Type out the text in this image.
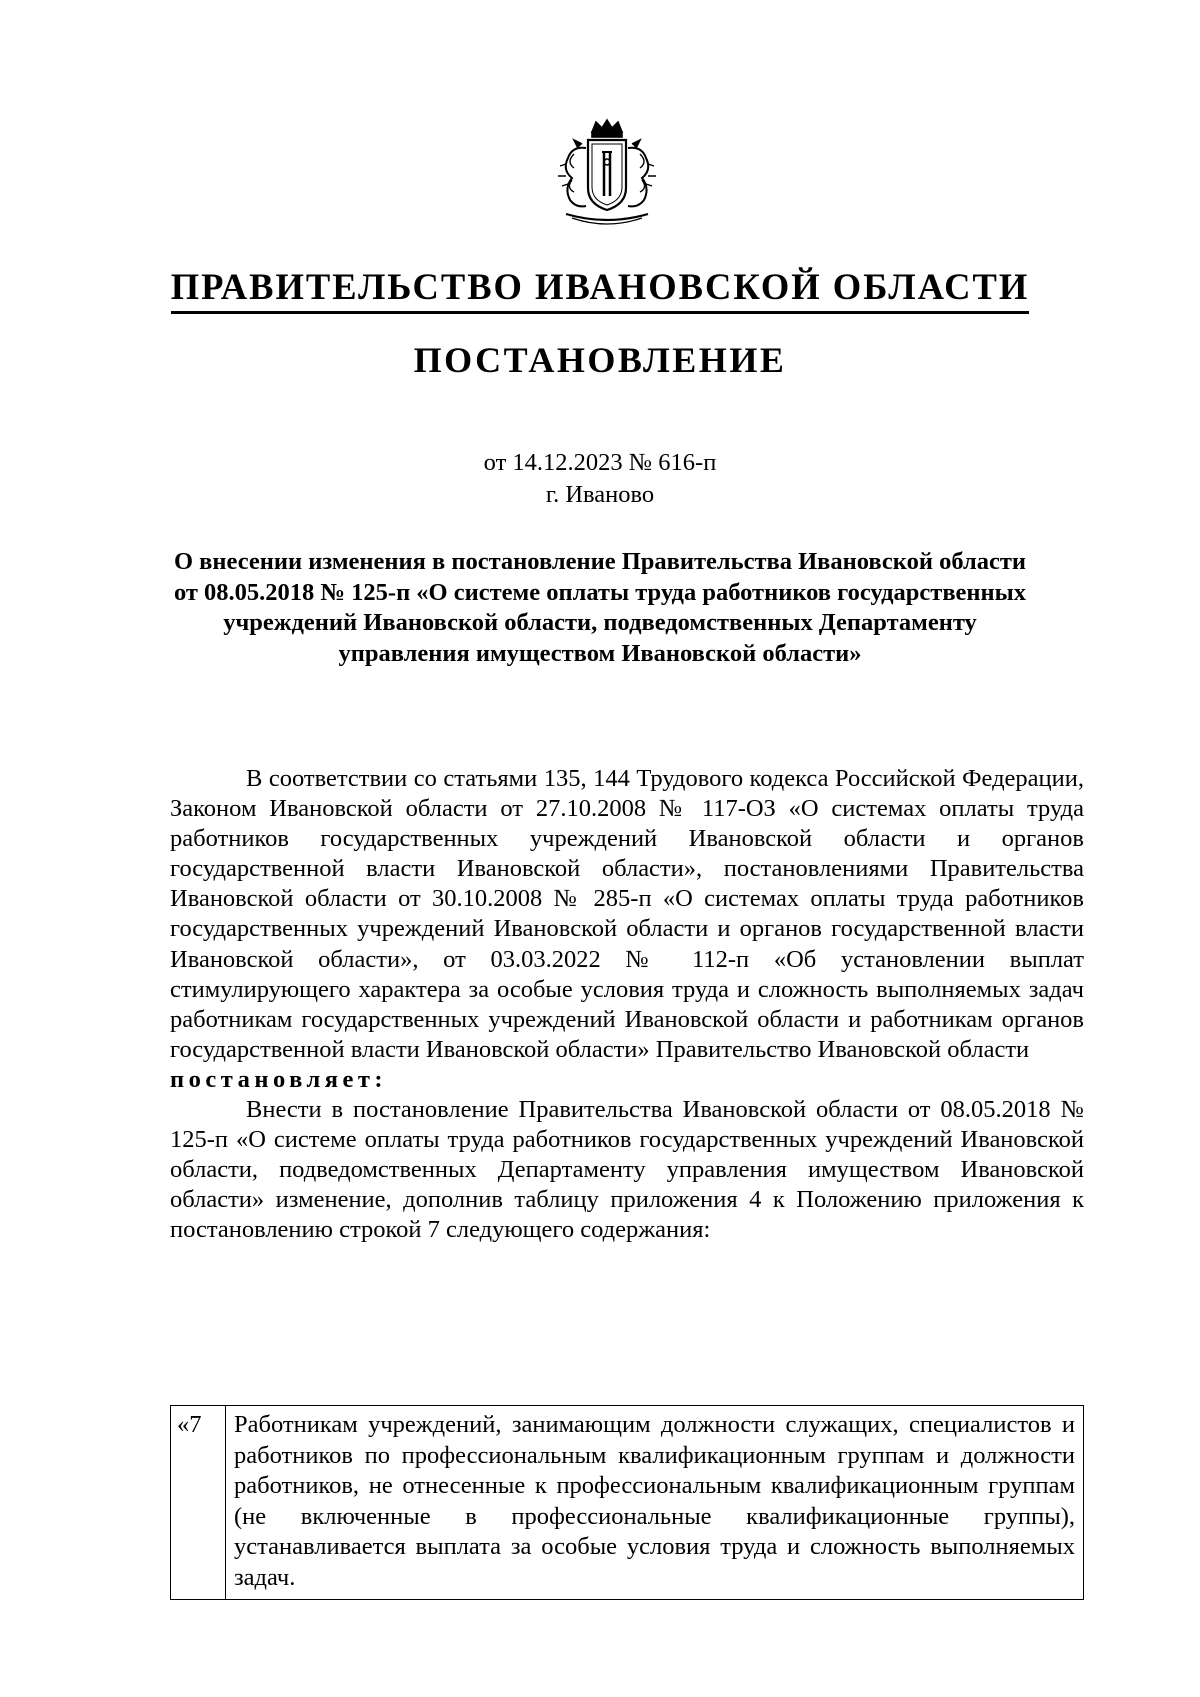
ПРАВИТЕЛЬСТВО ИВАНОВСКОЙ ОБЛАСТИ
ПОСТАНОВЛЕНИЕ
от 14.12.2023 № 616-п
г. Иваново
О внесении изменения в постановление Правительства Ивановской области от 08.05.2018 № 125-п «О системе оплаты труда работников государственных учреждений Ивановской области, подведомственных Департаменту управления имуществом Ивановской области»

В соответствии со статьями 135, 144 Трудового кодекса Российской Федерации, Законом Ивановской области от 27.10.2008 № 117-ОЗ «О системах оплаты труда работников государственных учреждений Ивановской области и органов государственной власти Ивановской области», постановлениями Правительства Ивановской области от 30.10.2008 № 285-п «О системах оплаты труда работников государственных учреждений Ивановской области и органов государственной власти Ивановской области», от 03.03.2022 № 112-п «Об установлении выплат стимулирующего характера за особые условия труда и сложность выполняемых задач работникам государственных учреждений Ивановской области и работникам органов государственной власти Ивановской области» Правительство Ивановской области

постановляет:

Внести в постановление Правительства Ивановской области от 08.05.2018 № 125-п «О системе оплаты труда работников государственных учреждений Ивановской области, подведомственных Департаменту управления имуществом Ивановской области» изменение, дополнив таблицу приложения 4 к Положению приложения к постановлению строкой 7 следующего содержания:

«7	Работникам учреждений, занимающим должности служащих, специалистов и работников по профессиональным квалификационным группам и должности работников, не отнесенные к профессиональным квалификационным группам (не включенные в профессиональные квалификационные группы), устанавливается выплата за особые условия труда и сложность выполняемых задач.
